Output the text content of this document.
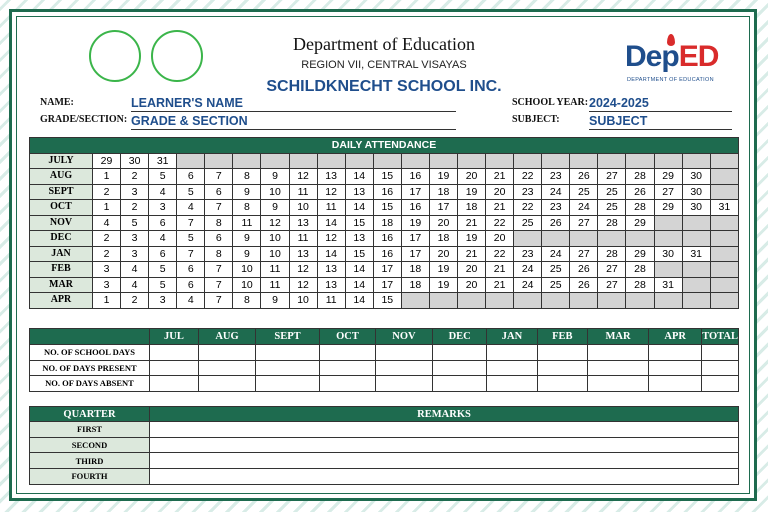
Department of Education
REGION VII, CENTRAL VISAYAS
SCHILDKNECHT SCHOOL INC.
DepED
DEPARTMENT OF EDUCATION
NAME:	LEARNER'S NAME
GRADE/SECTION: GRADE & SECTION
SCHOOL YEAR: 2024-2025
SUBJECT: SUBJECT
DAILY ATTENDANCE																							
JULY	29	30	31																				
AUG	1	2	5	6	7	8	9	12	13	14	15	16	19	20	21	22	23	26	27	28	29	30	
SEPT	2	3	4	5	6	9	10	11	12	13	16	17	18	19	20	23	24	25	25	26	27	30	
OCT	1	2	3	4	7	8	9	10	11	14	15	16	17	18	21	22	23	24	25	28	29	30	31
NOV	4	5	6	7	8	11	12	13	14	15	18	19	20	21	22	25	26	27	28	29			
DEC	2	3	4	5	6	9	10	11	12	13	16	17	18	19	20								
JAN	2	3	6	7	8	9	10	13	14	15	16	17	20	21	22	23	24	27	28	29	30	31	
FEB	3	4	5	6	7	10	11	12	13	14	17	18	19	20	21	24	25	26	27	28			
MAR	3	4	5	6	7	10	11	12	13	14	17	18	19	20	21	24	25	26	27	28	31		
APR	1	2	3	4	7	8	9	10	11	14	15												
	JUL	AUG	SEPT	OCT	NOV	DEC	JAN	FEB	MAR	APR	TOTAL
NO. OF SCHOOL DAYS											
NO. OF DAYS PRESENT											
NO. OF DAYS ABSENT											
QUARTER	REMARKS
FIRST	
SECOND	
THIRD	
FOURTH	
